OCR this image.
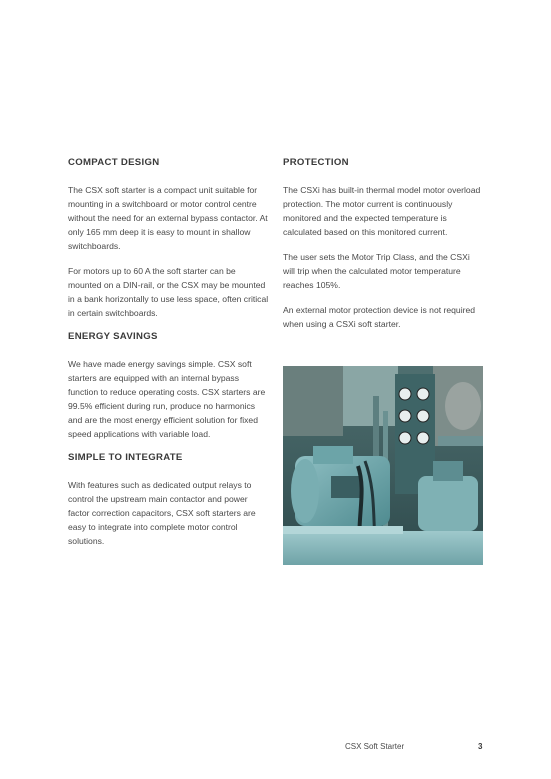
COMPACT DESIGN

The CSX soft starter is a compact unit suitable for mounting in a switchboard or motor control centre without the need for an external bypass contactor. At only 165 mm deep it is easy to mount in shallow switchboards.

For motors up to 60 A the soft starter can be mounted on a DIN-rail, or the CSX may be mounted in a bank horizontally to use less space, often critical in certain switchboards.

ENERGY SAVINGS

We have made energy savings simple. CSX soft starters are equipped with an internal bypass function to reduce operating costs. CSX starters are 99.5% efficient during run, produce no harmonics and are the most energy efficient solution for fixed speed applications with variable load.

SIMPLE TO INTEGRATE

With features such as dedicated output relays to control the upstream main contactor and power factor correction capacitors, CSX soft starters are easy to integrate into complete motor control solutions.

PROTECTION

The CSXi has built-in thermal model motor overload protection. The motor current is continuously monitored and the expected temperature is calculated based on this monitored current.

The user sets the Motor Trip Class, and the CSXi will trip when the calculated motor temperature reaches 105%.

An external motor protection device is not required when using a CSXi soft starter.

CSX Soft Starter	3
